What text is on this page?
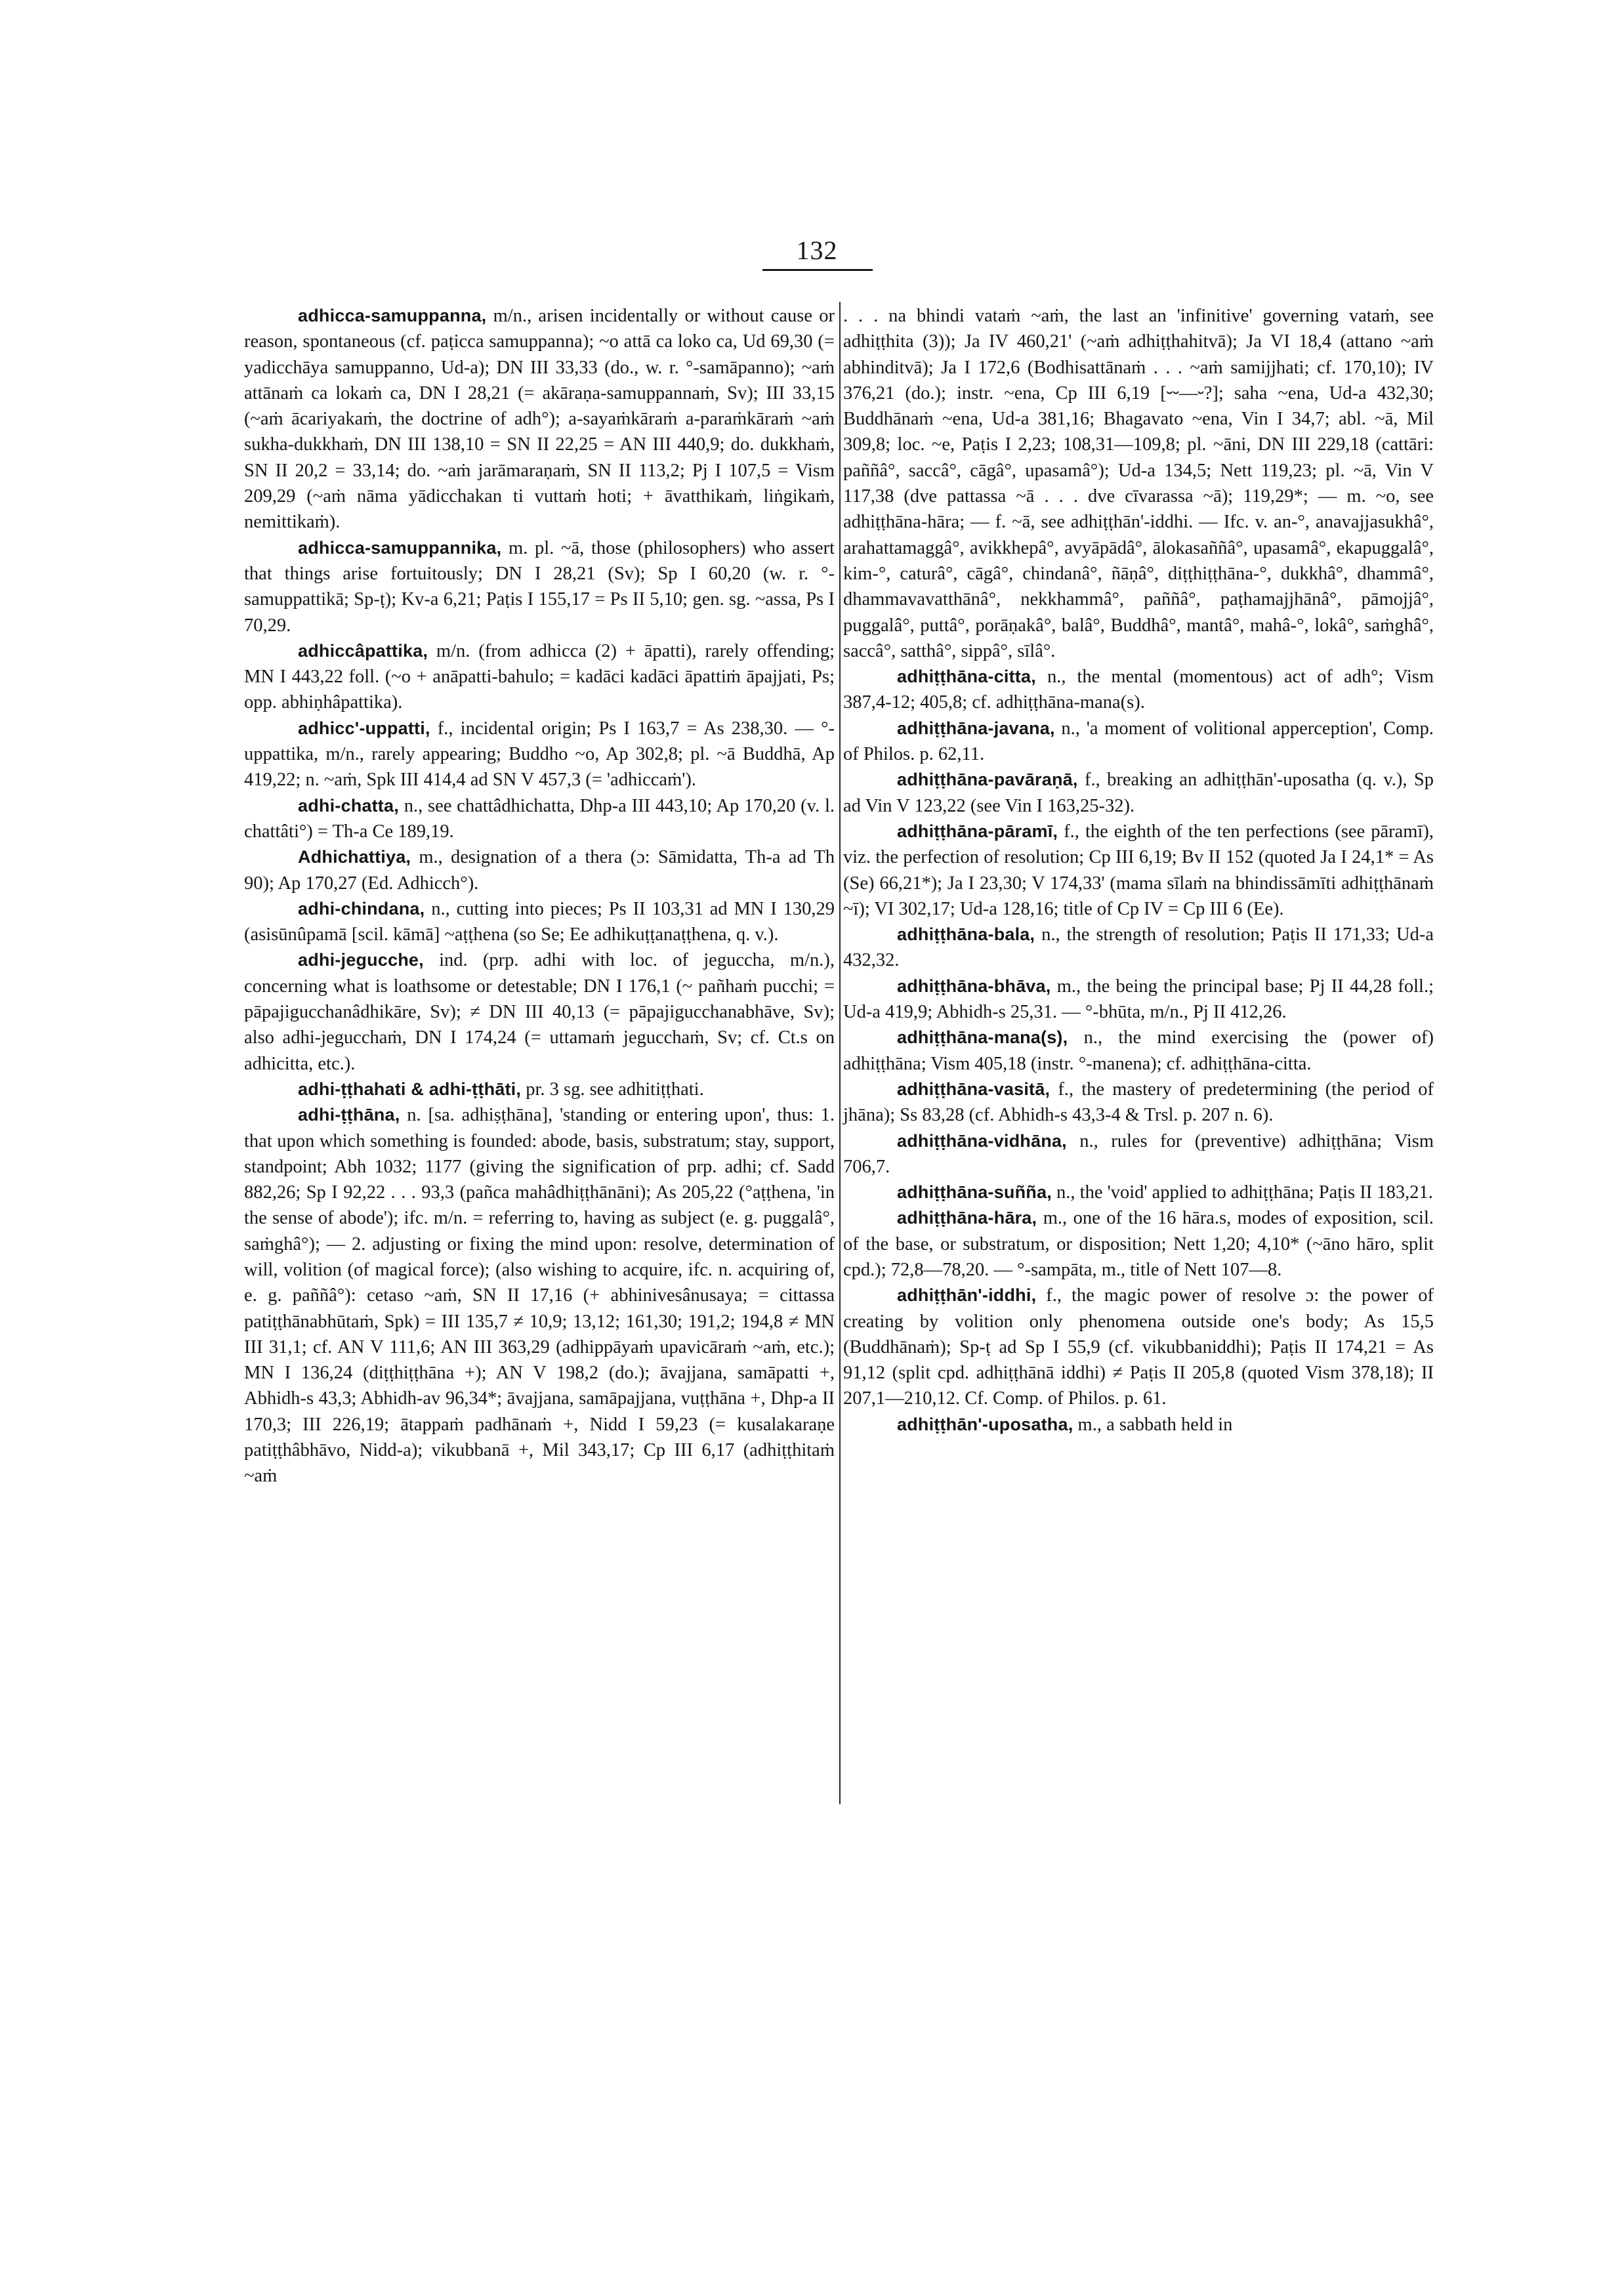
132

adhicca-samuppanna, m/n., arisen incidentally or without cause or reason, spontaneous (cf. paṭicca samuppanna); ~o attā ca loko ca, Ud 69,30 (= yadicchāya samuppanno, Ud-a); DN III 33,33 (do., w. r. °-samāpanno); ~aṁ attānaṁ ca lokaṁ ca, DN I 28,21 (= akāraṇa-samuppannaṁ, Sv); III 33,15 (~aṁ ācariyakaṁ, the doctrine of adh°); a-sayaṁkāraṁ a-paraṁkāraṁ ~aṁ sukha-dukkhaṁ, DN III 138,10 = SN II 22,25 = AN III 440,9; do. dukkhaṁ, SN II 20,2 = 33,14; do. ~aṁ jarāmaraṇaṁ, SN II 113,2; Pj I 107,5 = Vism 209,29 (~aṁ nāma yādicchakan ti vuttaṁ hoti; + āvatthikaṁ, liṅgikaṁ, nemittikaṁ).

adhicca-samuppannika, m. pl. ~ā, those (philosophers) who assert that things arise fortuitously; DN I 28,21 (Sv); Sp I 60,20 (w. r. °-samuppattikā; Sp-ṭ); Kv-a 6,21; Paṭis I 155,17 = Ps II 5,10; gen. sg. ~assa, Ps I 70,29.

adhiccâpattika, m/n. (from adhicca (2) + āpatti), rarely offending; MN I 443,22 foll. (~o + anāpatti-bahulo; = kadāci kadāci āpattiṁ āpajjati, Ps; opp. abhiṇhâpattika).

adhicc'-uppatti, f., incidental origin; Ps I 163,7 = As 238,30. — °-uppattika, m/n., rarely appearing; Buddho ~o, Ap 302,8; pl. ~ā Buddhā, Ap 419,22; n. ~aṁ, Spk III 414,4 ad SN V 457,3 (= 'adhiccaṁ').

adhi-chatta, n., see chattâdhichatta, Dhp-a III 443,10; Ap 170,20 (v. l. chattâti°) = Th-a Ce 189,19.

Adhichattiya, m., designation of a thera (ɔ: Sāmidatta, Th-a ad Th 90); Ap 170,27 (Ed. Adhicch°).

adhi-chindana, n., cutting into pieces; Ps II 103,31 ad MN I 130,29 (asisūnûpamā [scil. kāmā] ~aṭṭhena (so Se; Ee adhikuṭṭanaṭṭhena, q. v.).

adhi-jegucche, ind. (prp. adhi with loc. of jeguccha, m/n.), concerning what is loathsome or detestable; DN I 176,1 (~ pañhaṁ pucchi; = pāpajigucchanâdhikāre, Sv); ≠ DN III 40,13 (= pāpajigucchanabhāve, Sv); also adhi-jegucchaṁ, DN I 174,24 (= uttamaṁ jegucchaṁ, Sv; cf. Ct.s on adhicitta, etc.).

adhi-ṭṭhahati & adhi-ṭṭhāti, pr. 3 sg. see adhitiṭṭhati.

adhi-ṭṭhāna, n. [sa. adhiṣṭhāna], 'standing or entering upon', thus: 1. that upon which something is founded: abode, basis, substratum; stay, support, standpoint; Abh 1032; 1177 (giving the signification of prp. adhi; cf. Sadd 882,26; Sp I 92,22 . . . 93,3 (pañca mahâdhiṭṭhānāni); As 205,22 (°aṭṭhena, 'in the sense of abode'); ifc. m/n. = referring to, having as subject (e. g. puggalâ°, saṁghâ°); — 2. adjusting or fixing the mind upon: resolve, determination of will, volition (of magical force); (also wishing to acquire, ifc. n. acquiring of, e. g. paññâ°): cetaso ~aṁ, SN II 17,16 (+ abhinivesânusaya; = cittassa patiṭṭhānabhūtaṁ, Spk) = III 135,7 ≠ 10,9; 13,12; 161,30; 191,2; 194,8 ≠ MN III 31,1; cf. AN V 111,6; AN III 363,29 (adhippāyaṁ upavicāraṁ ~aṁ, etc.); MN I 136,24 (diṭṭhiṭṭhāna +); AN V 198,2 (do.); āvajjana, samāpatti +, Abhidh-s 43,3; Abhidh-av 96,34*; āvajjana, samāpajjana, vuṭṭhāna +, Dhp-a II 170,3; III 226,19; ātappaṁ padhānaṁ +, Nidd I 59,23 (= kusalakaraṇe patiṭṭhâbhāvo, Nidd-a); vikubbanā +, Mil 343,17; Cp III 6,17 (adhiṭṭhitaṁ ~aṁ

. . . na bhindi vataṁ ~aṁ, the last an 'infinitive' governing vataṁ, see adhiṭṭhita (3)); Ja IV 460,21' (~aṁ adhiṭṭhahitvā); Ja VI 18,4 (attano ~aṁ abhinditvā); Ja I 172,6 (Bodhisattānaṁ . . . ~aṁ samijjhati; cf. 170,10); IV 376,21 (do.); instr. ~ena, Cp III 6,19 [⏑⏑––⏑?]; saha ~ena, Ud-a 432,30; Buddhānaṁ ~ena, Ud-a 381,16; Bhagavato ~ena, Vin I 34,7; abl. ~ā, Mil 309,8; loc. ~e, Paṭis I 2,23; 108,31—109,8; pl. ~āni, DN III 229,18 (cattāri: paññâ°, saccâ°, cāgâ°, upasamâ°); Ud-a 134,5; Nett 119,23; pl. ~ā, Vin V 117,38 (dve pattassa ~ā . . . dve cīvarassa ~ā); 119,29*; — m. ~o, see adhiṭṭhāna-hāra; — f. ~ā, see adhiṭṭhān'-iddhi. — Ifc. v. an-°, anavajjasukhâ°, arahattamaggâ°, avikkhepâ°, avyāpādâ°, ālokasaññâ°, upasamâ°, ekapuggalâ°, kim-°, caturâ°, cāgâ°, chindanâ°, ñāṇâ°, diṭṭhiṭṭhāna-°, dukkhâ°, dhammâ°, dhammavavatthānâ°, nekkhammâ°, paññâ°, paṭhamajjhānâ°, pāmojjâ°, puggalâ°, puttâ°, porāṇakâ°, balâ°, Buddhâ°, mantâ°, mahâ-°, lokâ°, saṁghâ°, saccâ°, satthâ°, sippâ°, sīlâ°.

adhiṭṭhāna-citta, n., the mental (momentous) act of adh°; Vism 387,4-12; 405,8; cf. adhiṭṭhāna-mana(s).

adhiṭṭhāna-javana, n., 'a moment of volitional apperception', Comp. of Philos. p. 62,11.

adhiṭṭhāna-pavāraṇā, f., breaking an adhiṭṭhān'-uposatha (q. v.), Sp ad Vin V 123,22 (see Vin I 163,25-32).

adhiṭṭhāna-pāramī, f., the eighth of the ten perfections (see pāramī), viz. the perfection of resolution; Cp III 6,19; Bv II 152 (quoted Ja I 24,1* = As (Se) 66,21*); Ja I 23,30; V 174,33' (mama sīlaṁ na bhindissāmīti adhiṭṭhānaṁ ~ī); VI 302,17; Ud-a 128,16; title of Cp IV = Cp III 6 (Ee).

adhiṭṭhāna-bala, n., the strength of resolution; Paṭis II 171,33; Ud-a 432,32.

adhiṭṭhāna-bhāva, m., the being the principal base; Pj II 44,28 foll.; Ud-a 419,9; Abhidh-s 25,31. — °-bhūta, m/n., Pj II 412,26.

adhiṭṭhāna-mana(s), n., the mind exercising the (power of) adhiṭṭhāna; Vism 405,18 (instr. °-manena); cf. adhiṭṭhāna-citta.

adhiṭṭhāna-vasitā, f., the mastery of predetermining (the period of jhāna); Ss 83,28 (cf. Abhidh-s 43,3-4 & Trsl. p. 207 n. 6).

adhiṭṭhāna-vidhāna, n., rules for (preventive) adhiṭṭhāna; Vism 706,7.

adhiṭṭhāna-suñña, n., the 'void' applied to adhiṭṭhāna; Paṭis II 183,21.

adhiṭṭhāna-hāra, m., one of the 16 hāra.s, modes of exposition, scil. of the base, or substratum, or disposition; Nett 1,20; 4,10* (~āno hāro, split cpd.); 72,8—78,20. — °-sampāta, m., title of Nett 107—8.

adhiṭṭhān'-iddhi, f., the magic power of resolve ɔ: the power of creating by volition only phenomena outside one's body; As 15,5 (Buddhānaṁ); Sp-ṭ ad Sp I 55,9 (cf. vikubbaniddhi); Paṭis II 174,21 = As 91,12 (split cpd. adhiṭṭhānā iddhi) ≠ Paṭis II 205,8 (quoted Vism 378,18); II 207,1—210,12. Cf. Comp. of Philos. p. 61.

adhiṭṭhān'-uposatha, m., a sabbath held in
